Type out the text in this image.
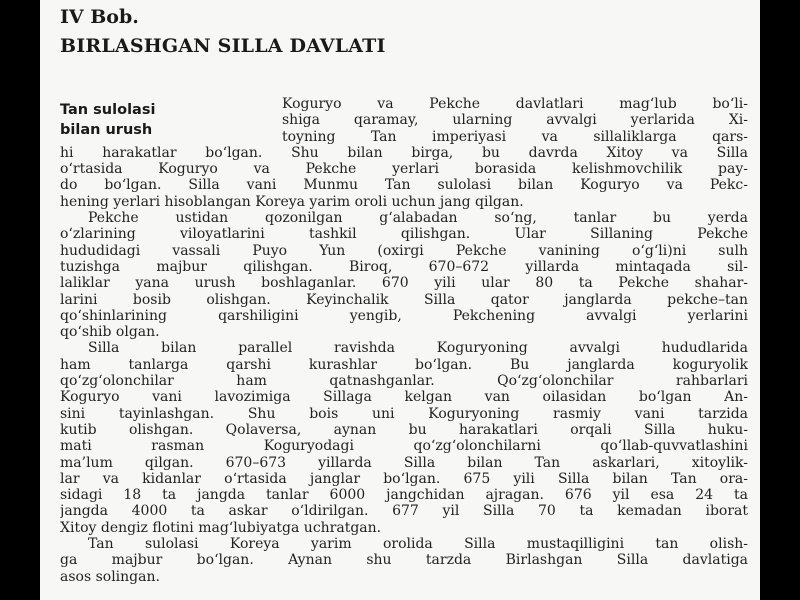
IV Bob.
BIRLASHGAN SILLA DAVLATI
Tan sulolasi
bilan urush
Koguryo va Pekche davlatlari mag‘lub bo‘li-
shiga qaramay, ularning avvalgi yerlarida Xi-
toyning Tan imperiyasi va sillaliklarga qars-
hi harakatlar bo‘lgan. Shu bilan birga, bu davrda Xitoy va Silla
o‘rtasida Koguryo va Pekche yerlari borasida kelishmovchilik pay-
do bo‘lgan. Silla vani Munmu Tan sulolasi bilan Koguryo va Pekc-
hening yerlari hisoblangan Koreya yarim oroli uchun jang qilgan.
Pekche ustidan qozonilgan g‘alabadan so‘ng, tanlar bu yerda
o‘zlarining viloyatlarini tashkil qilishgan. Ular Sillaning Pekche
hududidagi vassali Puyo Yun (oxirgi Pekche vanining o‘g‘li)ni sulh
tuzishga majbur qilishgan. Biroq, 670–672 yillarda mintaqada sil-
laliklar yana urush boshlaganlar. 670 yili ular 80 ta Pekche shahar-
larini bosib olishgan. Keyinchalik Silla qator janglarda pekche–tan
qo‘shinlarining qarshiligini yengib, Pekchening avvalgi yerlarini
qo‘shib olgan.
Silla bilan parallel ravishda Koguryoning avvalgi hududlarida
ham tanlarga qarshi kurashlar bo‘lgan. Bu janglarda koguryolik
qo‘zg‘olonchilar ham qatnashganlar. Qo‘zg‘olonchilar rahbarlari
Koguryo vani lavozimiga Sillaga kelgan van oilasidan bo‘lgan An-
sini tayinlashgan. Shu bois uni Koguryoning rasmiy vani tarzida
kutib olishgan. Qolaversa, aynan bu harakatlari orqali Silla huku-
mati rasman Koguryodagi qo‘zg‘olonchilarni qo‘llab-quvvatlashini
ma’lum qilgan. 670–673 yillarda Silla bilan Tan askarlari, xitoylik-
lar va kidanlar o‘rtasida janglar bo‘lgan. 675 yili Silla bilan Tan ora-
sidagi 18 ta jangda tanlar 6000 jangchidan ajragan. 676 yil esa 24 ta
jangda 4000 ta askar o‘ldirilgan. 677 yil Silla 70 ta kemadan iborat
Xitoy dengiz flotini mag‘lubiyatga uchratgan.
Tan sulolasi Koreya yarim orolida Silla mustaqilligini tan olish-
ga majbur bo‘lgan. Aynan shu tarzda Birlashgan Silla davlatiga
asos solingan.
